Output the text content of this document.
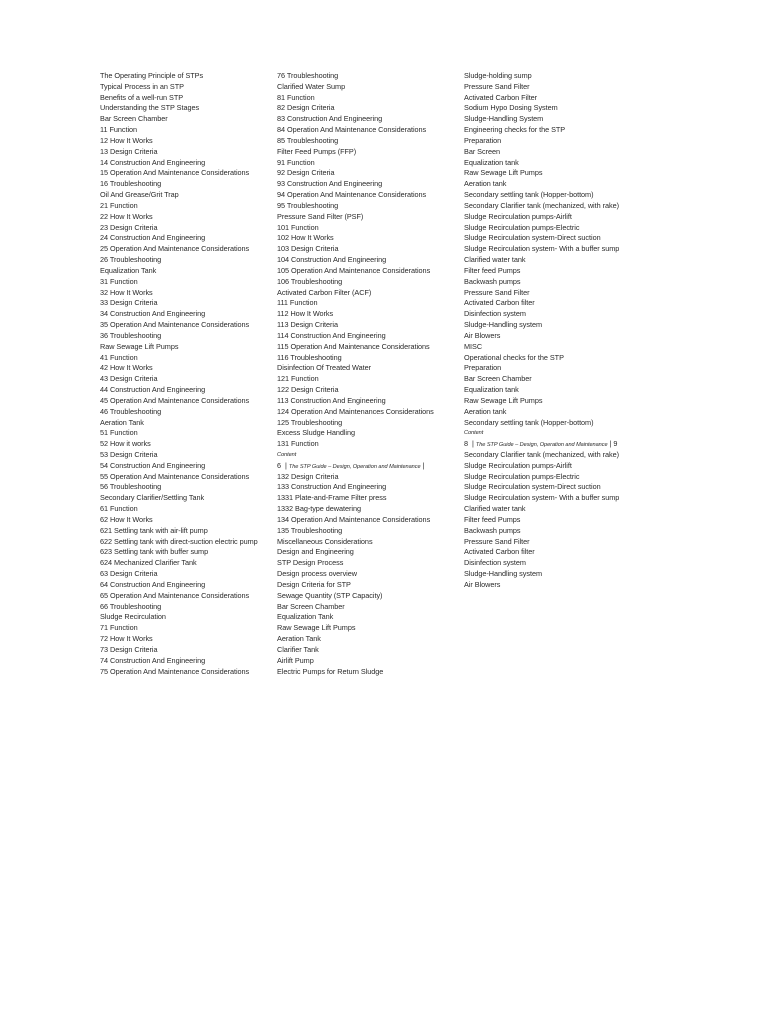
The Operating Principle of STPs
Typical Process in an STP
Benefits of a well-run STP
Understanding the STP Stages
Bar Screen Chamber
11 Function
12 How It Works
13 Design Criteria
14 Construction And Engineering
15 Operation And Maintenance Considerations
16 Troubleshooting
Oil And Grease/Grit Trap
21 Function
22 How It Works
23 Design Criteria
24 Construction And Engineering
25 Operation And Maintenance Considerations
26 Troubleshooting
Equalization Tank
31 Function
32 How It Works
33 Design Criteria
34 Construction And Engineering
35 Operation And Maintenance Considerations
36 Troubleshooting
Raw Sewage Lift Pumps
41 Function
42 How It Works
43 Design Criteria
44 Construction And Engineering
45 Operation And Maintenance Considerations
46 Troubleshooting
Aeration Tank
51 Function
52 How it works
53 Design Criteria
54 Construction And Engineering
55 Operation And Maintenance Considerations
56 Troubleshooting
Secondary Clarifier/Settling Tank
61 Function
62 How It Works
621 Settling tank with air-lift pump
622 Settling tank with direct-suction electric pump
623 Settling tank with buffer sump
624 Mechanized Clarifier Tank
63 Design Criteria
64 Construction And Engineering
65 Operation And Maintenance Considerations
66 Troubleshooting
Sludge Recirculation
71 Function
72 How It Works
73 Design Criteria
74 Construction And Engineering
75 Operation And Maintenance Considerations
76 Troubleshooting
Clarified Water Sump
81 Function
82 Design Criteria
83 Construction And Engineering
84 Operation And Maintenance Considerations
85 Troubleshooting
Filter Feed Pumps (FFP)
91 Function
92 Design Criteria
93 Construction And Engineering
94 Operation And Maintenance Considerations
95 Troubleshooting
Pressure Sand Filter (PSF)
101 Function
102 How It Works
103 Design Criteria
104 Construction And Engineering
105 Operation And Maintenance Considerations
106 Troubleshooting
Activated Carbon Filter (ACF)
111 Function
112 How It Works
113 Design Criteria
114 Construction And Engineering
115 Operation And Maintenance Considerations
116 Troubleshooting
Disinfection Of Treated Water
121 Function
122 Design Criteria
113 Construction And Engineering
124 Operation And Maintenances Considerations
125 Troubleshooting
Excess Sludge Handling
131 Function
Content
6 | The STP Guide – Design, Operation and Maintenance |
132 Design Criteria
133 Construction And Engineering
1331 Plate-and-Frame Filter press
1332 Bag-type dewatering
134 Operation And Maintenance Considerations
135 Troubleshooting
Miscellaneous Considerations
Design and Engineering
STP Design Process
Design process overview
Design Criteria for STP
Sewage Quantity (STP Capacity)
Bar Screen Chamber
Equalization Tank
Raw Sewage Lift Pumps
Aeration Tank
Clarifier Tank
Airlift Pump
Electric Pumps for Return Sludge
Sludge-holding sump
Pressure Sand Filter
Activated Carbon Filter
Sodium Hypo Dosing System
Sludge-Handling System
Engineering checks for the STP
Preparation
Bar Screen
Equalization tank
Raw Sewage Lift Pumps
Aeration tank
Secondary settling tank (Hopper-bottom)
Secondary Clarifier tank (mechanized, with rake)
Sludge Recirculation pumps-Airlift
Sludge Recirculation pumps-Electric
Sludge Recirculation system-Direct suction
Sludge Recirculation system- With a buffer sump
Clarified water tank
Filter feed Pumps
Backwash pumps
Pressure Sand Filter
Activated Carbon filter
Disinfection system
Sludge-Handling system
Air Blowers
MISC
Operational checks for the STP
Preparation
Bar Screen Chamber
Equalization tank
Raw Sewage Lift Pumps
Aeration tank
Secondary settling tank (Hopper-bottom)
Content
8 | The STP Guide – Design, Operation and Maintenance | 9
Secondary Clarifier tank (mechanized, with rake)
Sludge Recirculation pumps-Airlift
Sludge Recirculation pumps-Electric
Sludge Recirculation system-Direct suction
Sludge Recirculation system- With a buffer sump
Clarified water tank
Filter feed Pumps
Backwash pumps
Pressure Sand Filter
Activated Carbon filter
Disinfection system
Sludge-Handling system
Air Blowers
